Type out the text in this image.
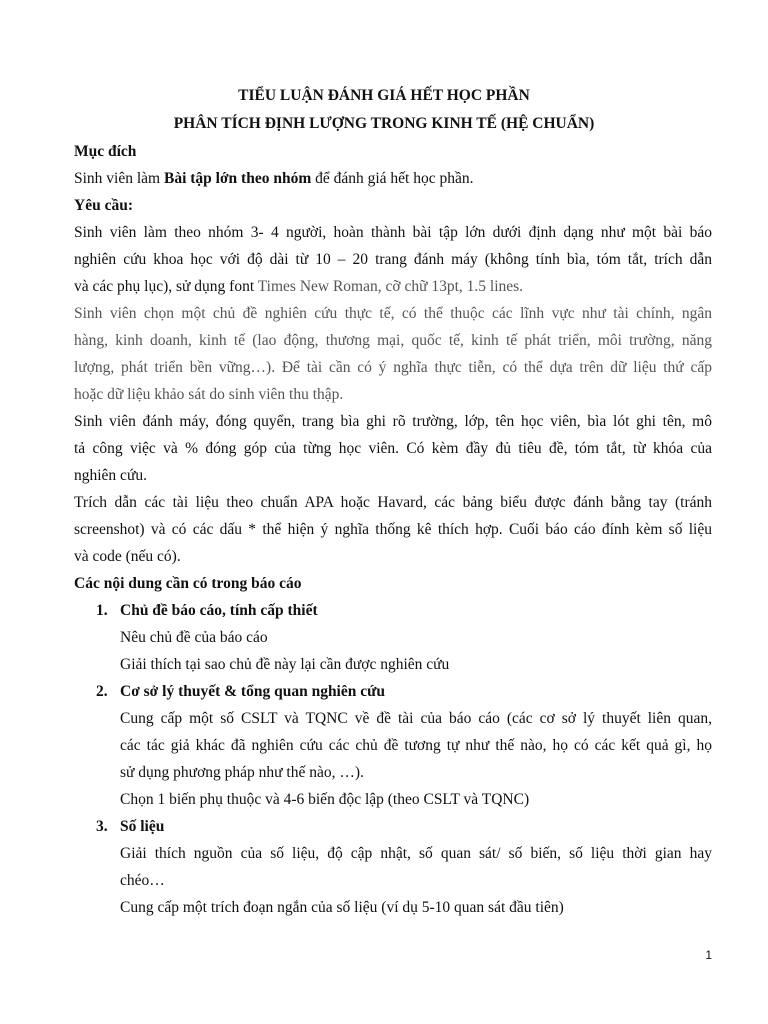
TIỂU LUẬN ĐÁNH GIÁ HẾT HỌC PHẦN
PHÂN TÍCH ĐỊNH LƯỢNG TRONG KINH TẾ (HỆ CHUẨN)
Mục đích
Sinh viên làm Bài tập lớn theo nhóm để đánh giá hết học phần.
Yêu cầu:
Sinh viên làm theo nhóm 3- 4 người, hoàn thành bài tập lớn dưới định dạng như một bài báo
nghiên cứu khoa học với độ dài từ 10 – 20 trang đánh máy (không tính bìa, tóm tắt, trích dẫn
và các phụ lục), sử dụng font Times New Roman, cỡ chữ 13pt, 1.5 lines.
Sinh viên chọn một chủ đề nghiên cứu thực tế, có thể thuộc các lĩnh vực như tài chính, ngân
hàng, kinh doanh, kinh tế (lao động, thương mại, quốc tế, kinh tế phát triển, môi trường, năng
lượng, phát triển bền vững…). Để tài cần có ý nghĩa thực tiễn, có thể dựa trên dữ liệu thứ cấp
hoặc dữ liệu khảo sát do sinh viên thu thập.
Sinh viên đánh máy, đóng quyển, trang bìa ghi rõ trường, lớp, tên học viên, bìa lót ghi tên, mô
tả công việc và % đóng góp của từng học viên. Có kèm đầy đủ tiêu đề, tóm tắt, từ khóa của
nghiên cứu.
Trích dẫn các tài liệu theo chuẩn APA hoặc Havard, các bảng biểu được đánh bằng tay (tránh
screenshot) và có các dấu * thể hiện ý nghĩa thống kê thích hợp. Cuối báo cáo đính kèm số liệu
và code (nếu có).
Các nội dung cần có trong báo cáo
1. Chủ đề báo cáo, tính cấp thiết
Nêu chủ đề của báo cáo
Giải thích tại sao chủ đề này lại cần được nghiên cứu
2. Cơ sở lý thuyết & tổng quan nghiên cứu
Cung cấp một số CSLT và TQNC về đề tài của báo cáo (các cơ sở lý thuyết liên quan,
các tác giả khác đã nghiên cứu các chủ đề tương tự như thế nào, họ có các kết quả gì, họ
sử dụng phương pháp như thế nào, …).
Chọn 1 biến phụ thuộc và 4-6 biến độc lập (theo CSLT và TQNC)
3. Số liệu
Giải thích nguồn của số liệu, độ cập nhật, số quan sát/ số biến, số liệu thời gian hay
chéo…
Cung cấp một trích đoạn ngắn của số liệu (ví dụ 5-10 quan sát đầu tiên)
1
